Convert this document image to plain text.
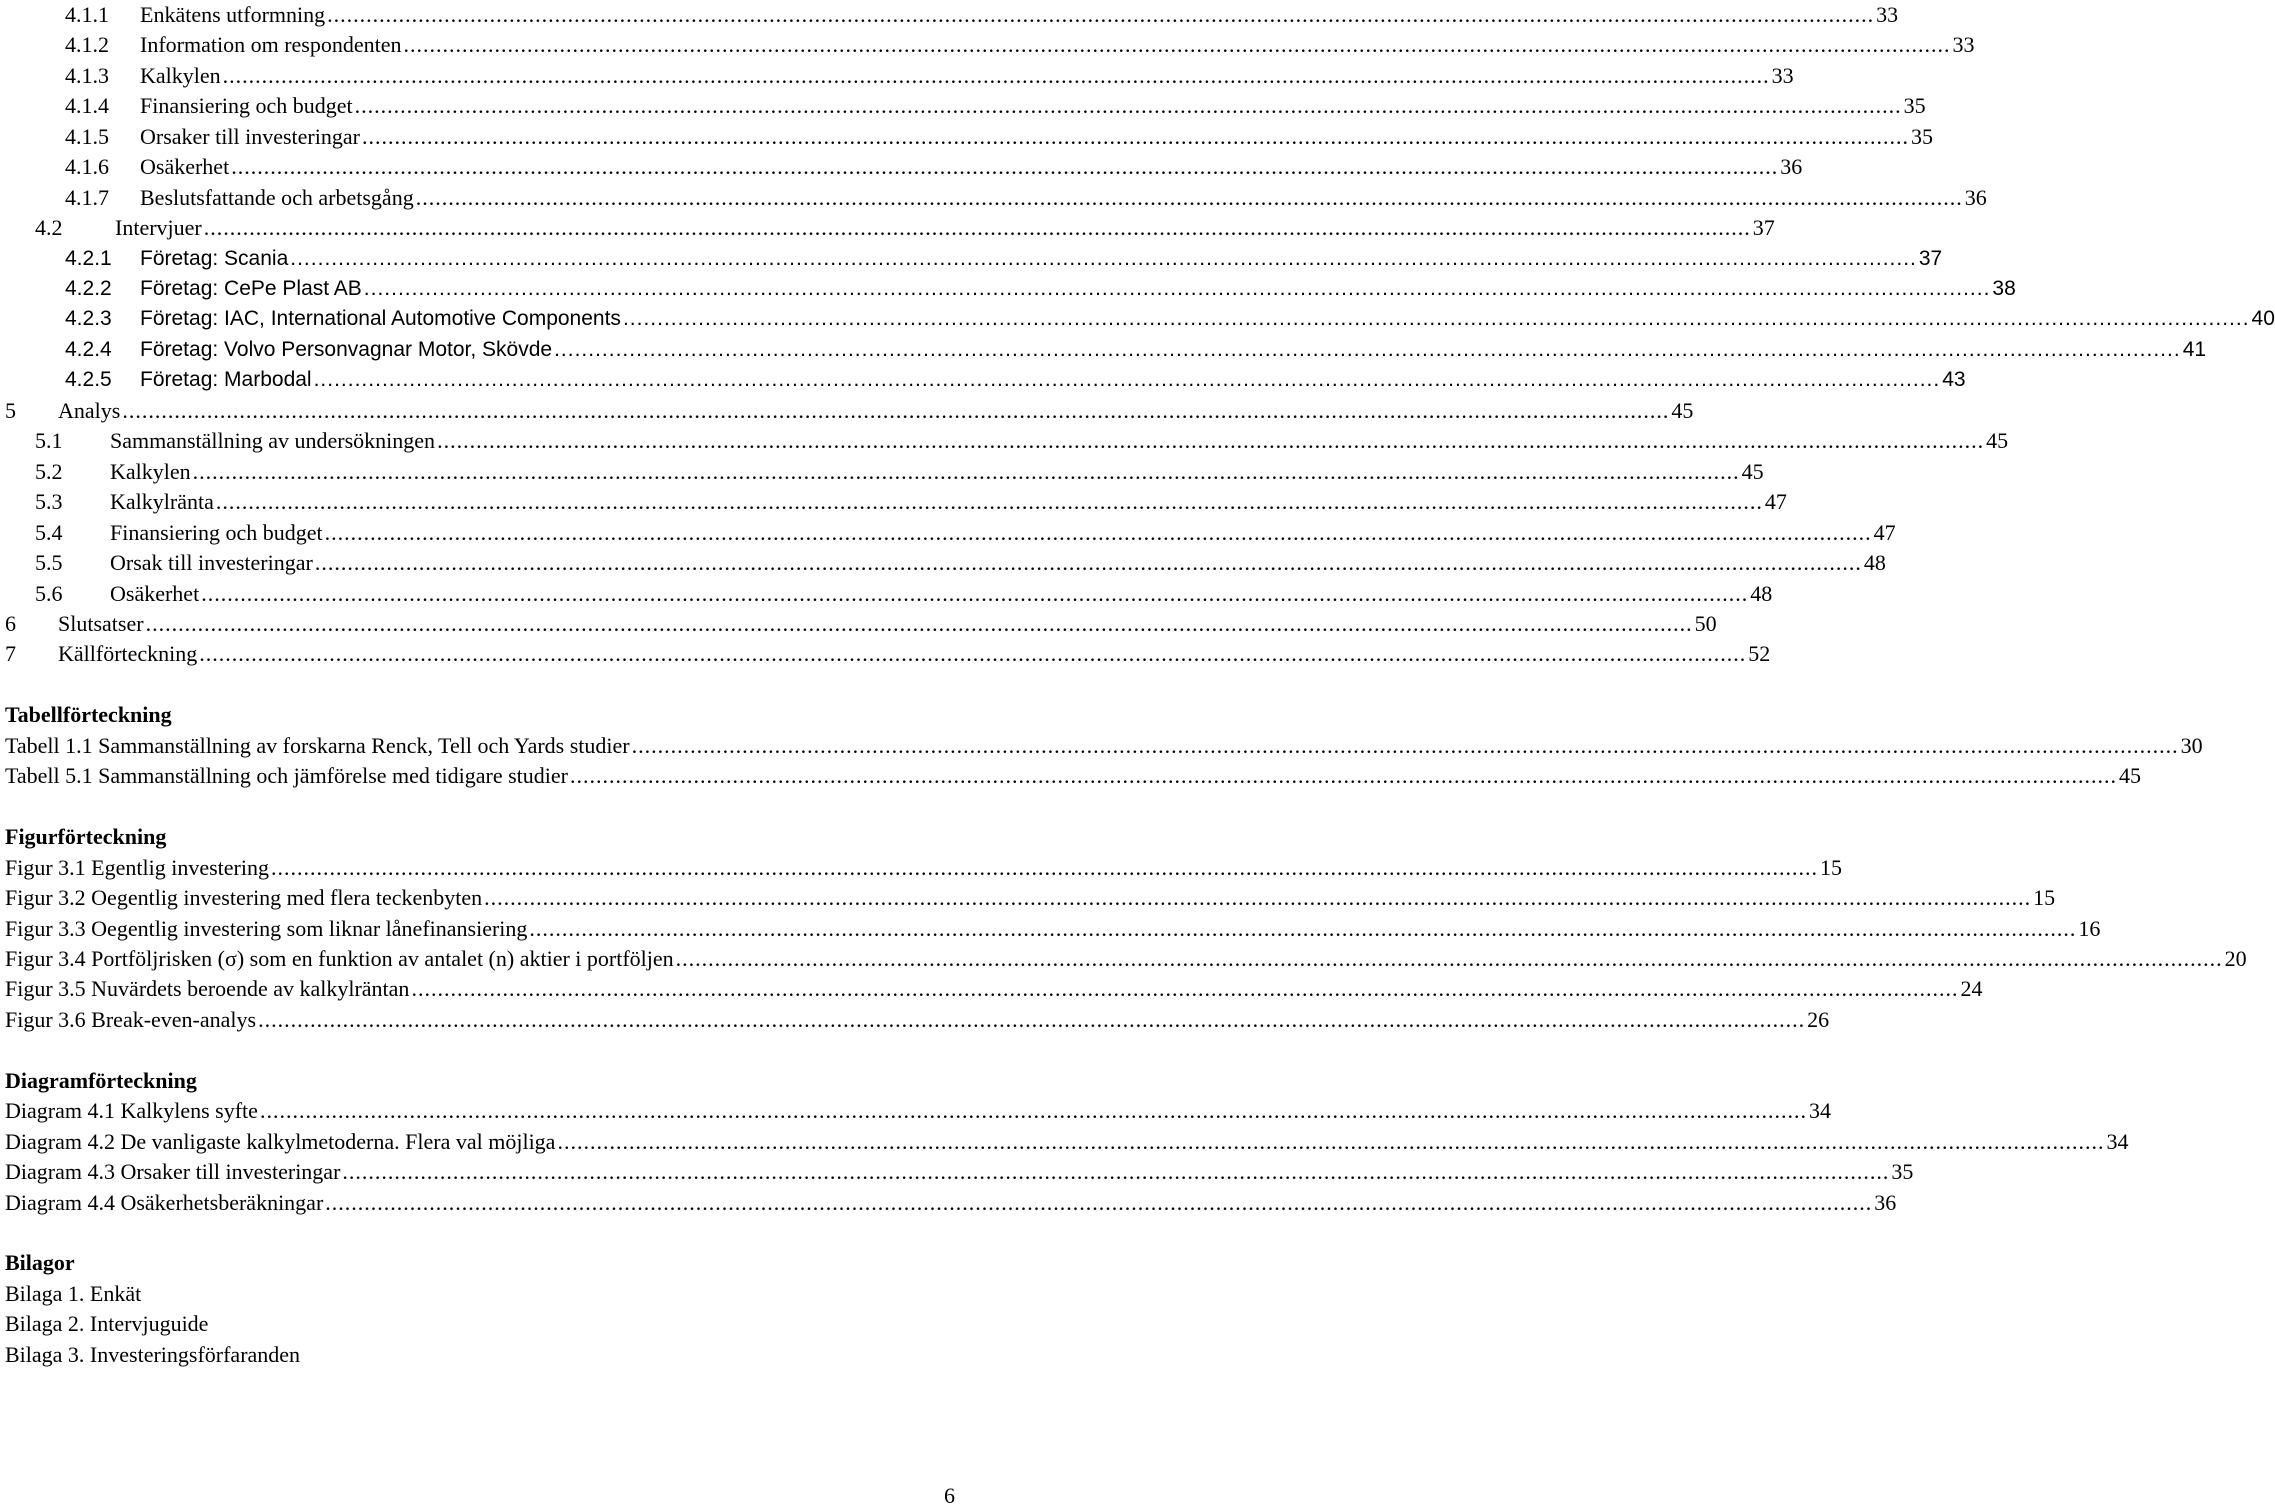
4.1.1	Enkätens utformning .....	33
4.1.2	Information om respondenten .....	33
4.1.3	Kalkylen .....	33
4.1.4	Finansiering och budget .....	35
4.1.5	Orsaker till investeringar .....	35
4.1.6	Osäkerhet .....	36
4.1.7	Beslutsfattande och arbetsgång .....	36
4.2	Intervjuer .....	37
4.2.1	Företag: Scania .....	37
4.2.2	Företag: CePe Plast AB .....	38
4.2.3	Företag: IAC, International Automotive Components .....	40
4.2.4	Företag: Volvo Personvagnar Motor, Skövde .....	41
4.2.5	Företag: Marbodal .....	43
5	Analys .....	45
5.1	Sammanställning av undersökningen .....	45
5.2	Kalkylen .....	45
5.3	Kalkylränta .....	47
5.4	Finansiering och budget .....	47
5.5	Orsak till investeringar .....	48
5.6	Osäkerhet .....	48
6	Slutsatser .....	50
7	Källförteckning .....	52
Tabellförteckning
Tabell 1.1 Sammanställning av forskarna Renck, Tell och Yards studier .....	30
Tabell 5.1 Sammanställning och jämförelse med tidigare studier .....	45
Figurförteckning
Figur 3.1 Egentlig investering .....	15
Figur 3.2 Oegentlig investering med flera teckenbyten .....	15
Figur 3.3 Oegentlig investering som liknar lånefinansiering .....	16
Figur 3.4 Portföljrisken (σ) som en funktion av antalet (n) aktier i portföljen .....	20
Figur 3.5 Nuvärdets beroende av kalkylräntan .....	24
Figur 3.6 Break-even-analys .....	26
Diagramförteckning
Diagram 4.1 Kalkylens syfte .....	34
Diagram 4.2 De vanligaste kalkylmetoderna. Flera val möjliga .....	34
Diagram 4.3 Orsaker till investeringar .....	35
Diagram 4.4 Osäkerhetsberäkningar .....	36
Bilagor
Bilaga 1. Enkät
Bilaga 2. Intervjuguide
Bilaga 3. Investeringsförfaranden
6
